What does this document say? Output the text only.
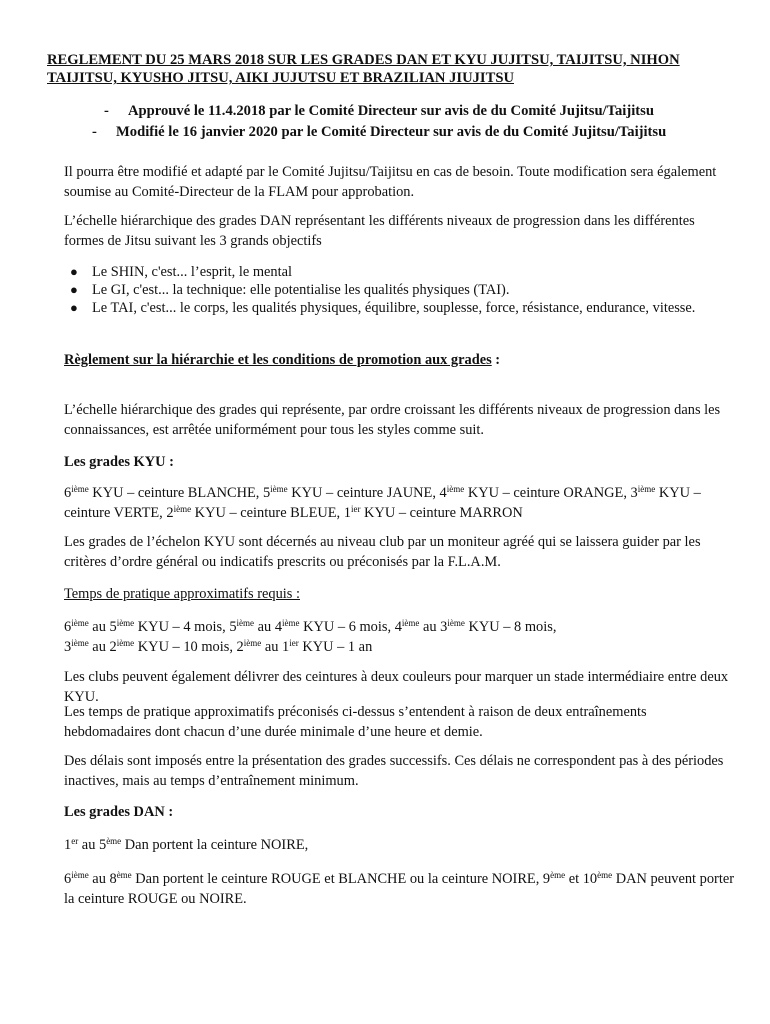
REGLEMENT DU 25 MARS 2018 SUR LES GRADES DAN ET KYU JUJITSU, TAIJITSU, NIHON TAIJITSU, KYUSHO JITSU, AIKI JUJUTSU ET BRAZILIAN JIUJITSU
- Approuvé le 11.4.2018 par le Comité Directeur sur avis de du Comité Jujitsu/Taijitsu
- Modifié le 16 janvier 2020 par le Comité Directeur sur avis de du Comité Jujitsu/Taijitsu
Il pourra être modifié et adapté par le Comité Jujitsu/Taijitsu en cas de besoin. Toute modification sera également soumise au Comité-Directeur de la FLAM pour approbation.
L’échelle hiérarchique des grades DAN représentant les différents niveaux de progression dans les différentes formes de Jitsu suivant les 3 grands objectifs
● Le SHIN, c'est... l’esprit, le mental
● Le GI, c'est... la technique: elle potentialise les qualités physiques (TAI).
● Le TAI, c'est... le corps, les qualités physiques, équilibre, souplesse, force, résistance, endurance, vitesse.
Règlement sur la hiérarchie et les conditions de promotion aux grades :
L’échelle hiérarchique des grades qui représente, par ordre croissant les différents niveaux de progression dans les connaissances, est arrêtée uniformément pour tous les styles comme suit.
Les grades KYU :
6ième KYU – ceinture BLANCHE, 5ième KYU – ceinture JAUNE, 4ième KYU – ceinture ORANGE, 3ième KYU – ceinture VERTE, 2ième KYU – ceinture BLEUE, $1^{ier}$ KYU – ceinture MARRON
Les grades de l’échelon KYU sont décernés au niveau club par un moniteur agréé qui se laissera guider par les critères d’ordre général ou indicatifs prescrits ou préconisés par la F.L.A.M.
Temps de pratique approximatifs requis :
6ième au 5ième KYU – 4 mois, 5ième au 4ième KYU – 6 mois, 4ième au 3ième KYU – 8 mois,
3ième au 2ième KYU – 10 mois, 2ième au $1^{ier}$ KYU – 1 an
Les clubs peuvent également délivrer des ceintures à deux couleurs pour marquer un stade intermédiaire entre deux KYU.
Les temps de pratique approximatifs préconisés ci-dessus s’entendent à raison de deux entraînements hebdomadaires dont chacun d’une durée minimale d’une heure et demie.
Des délais sont imposés entre la présentation des grades successifs. Ces délais ne correspondent pas à des périodes inactives, mais au temps d’entraînement minimum.
Les grades DAN :
1er au 5ème Dan portent la ceinture NOIRE,
6ième au 8ème Dan portent le ceinture ROUGE et BLANCHE ou la ceinture NOIRE, 9ème et 10ème DAN peuvent porter la ceinture ROUGE ou NOIRE.
